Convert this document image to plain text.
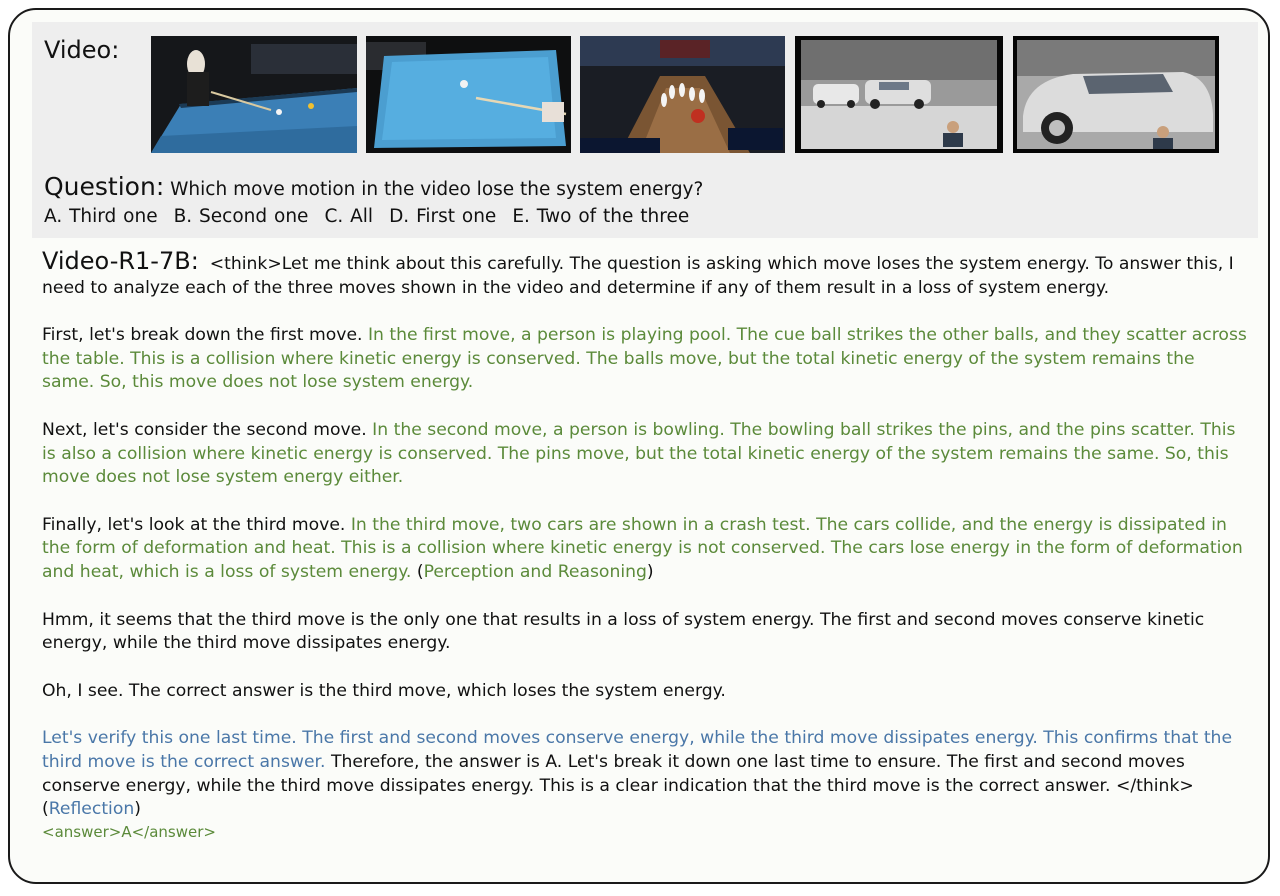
Video:
Question: Which move motion in the video lose the system energy?
A. Third one B. Second one C. All D. First one E. Two of the three

Video-R1-7B: <think>Let me think about this carefully. The question is asking which move loses the system energy. To answer this, I need to analyze each of the three moves shown in the video and determine if any of them result in a loss of system energy.

First, let's break down the first move. In the first move, a person is playing pool. The cue ball strikes the other balls, and they scatter across the table. This is a collision where kinetic energy is conserved. The balls move, but the total kinetic energy of the system remains the same. So, this move does not lose system energy.

Next, let's consider the second move. In the second move, a person is bowling. The bowling ball strikes the pins, and the pins scatter. This is also a collision where kinetic energy is conserved. The pins move, but the total kinetic energy of the system remains the same. So, this move does not lose system energy either.

Finally, let's look at the third move. In the third move, two cars are shown in a crash test. The cars collide, and the energy is dissipated in the form of deformation and heat. This is a collision where kinetic energy is not conserved. The cars lose energy in the form of deformation and heat, which is a loss of system energy. (Perception and Reasoning)

Hmm, it seems that the third move is the only one that results in a loss of system energy. The first and second moves conserve kinetic energy, while the third move dissipates energy.

Oh, I see. The correct answer is the third move, which loses the system energy.

Let's verify this one last time. The first and second moves conserve energy, while the third move dissipates energy. This confirms that the third move is the correct answer. Therefore, the answer is A. Let's break it down one last time to ensure. The first and second moves conserve energy, while the third move dissipates energy. This is a clear indication that the third move is the correct answer. </think> (Reflection)

<answer>A</answer>
